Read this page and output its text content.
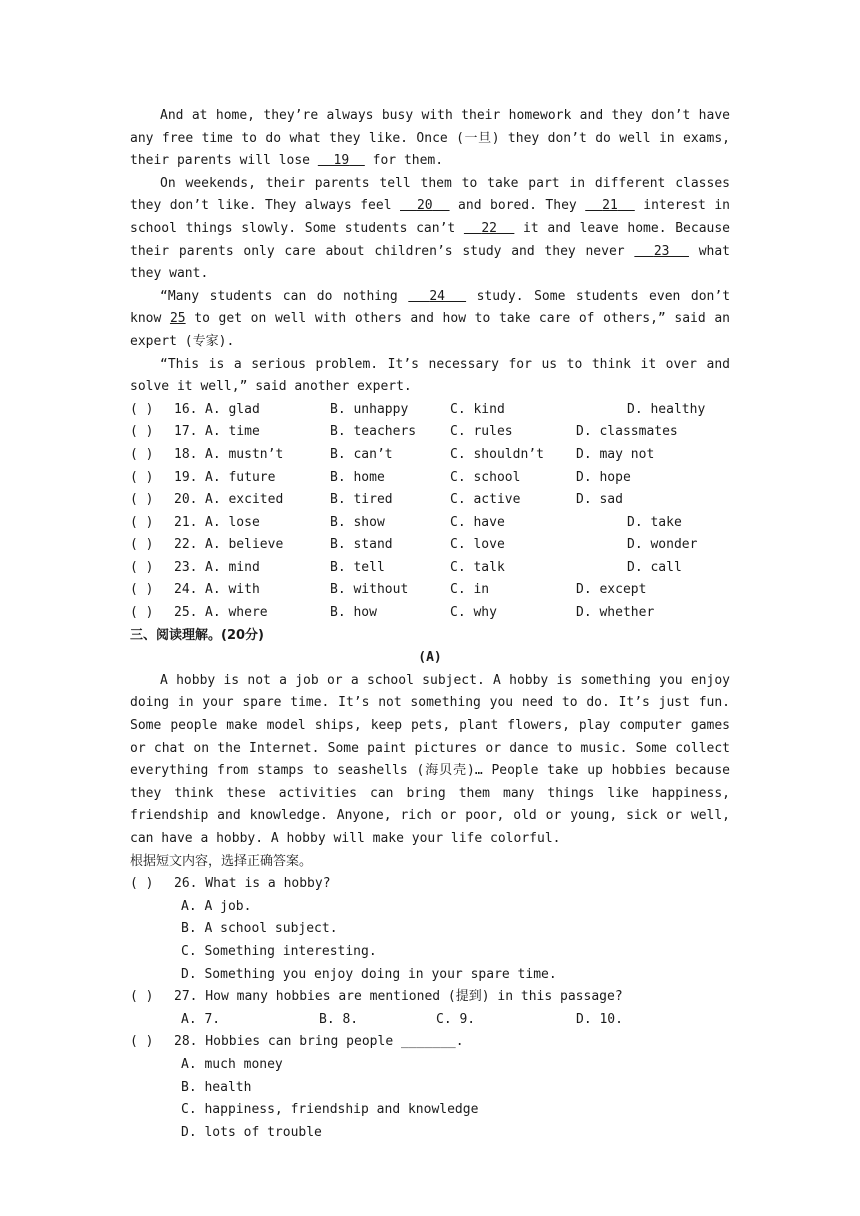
And at home, they’re always busy with their homework and they don’t have any free time to do what they like. Once (一旦) they don’t do well in exams, their parents will lose   19   for them.
On weekends, their parents tell them to take part in different classes they don’t like. They always feel   20   and bored. They   21   interest in school things slowly. Some students can’t   22   it and leave home. Because their parents only care about children’s study and they never   23   what they want.
“Many students can do nothing   24   study. Some students even don’t know 25 to get on well with others and how to take care of others,” said an expert (专家).
“This is a serious problem. It’s necessary for us to think it over and solve it well,” said another expert.
( ) 16. A. glad	B. unhappy	C. kind	D. healthy
( ) 17. A. time	B. teachers	C. rules	D. classmates
( ) 18. A. mustn’t	B. can’t	C. shouldn’t D. may not
( ) 19. A. future	B. home	C. school	D. hope
( ) 20. A. excited	B. tired	C. active	D. sad
( ) 21. A. lose	B. show	C. have	D. take
( ) 22. A. believe	B. stand	C. love	D. wonder
( ) 23. A. mind	B. tell	C. talk	D. call
( ) 24. A. with	B. without	C. in	D. except
( ) 25. A. where	B. how	C. why	D. whether
三、阅读理解。(20分)
(A)
A hobby is not a job or a school subject. A hobby is something you enjoy doing in your spare time. It’s not something you need to do. It’s just fun. Some people make model ships, keep pets, plant flowers, play computer games or chat on the Internet. Some paint pictures or dance to music. Some collect everything from stamps to seashells (海贝壳)… People take up hobbies because they think these activities can bring them many things like happiness, friendship and knowledge. Anyone, rich or poor, old or young, sick or well, can have a hobby. A hobby will make your life colorful.
根据短文内容，选择正确答案。
( ) 26. What is a hobby?
A. A job.
B. A school subject.
C. Something interesting.
D. Something you enjoy doing in your spare time.
( ) 27. How many hobbies are mentioned (提到) in this passage?
A. 7.	B. 8.	C. 9.	D. 10.
( ) 28. Hobbies can bring people _______.
A. much money
B. health
C. happiness, friendship and knowledge
D. lots of trouble
